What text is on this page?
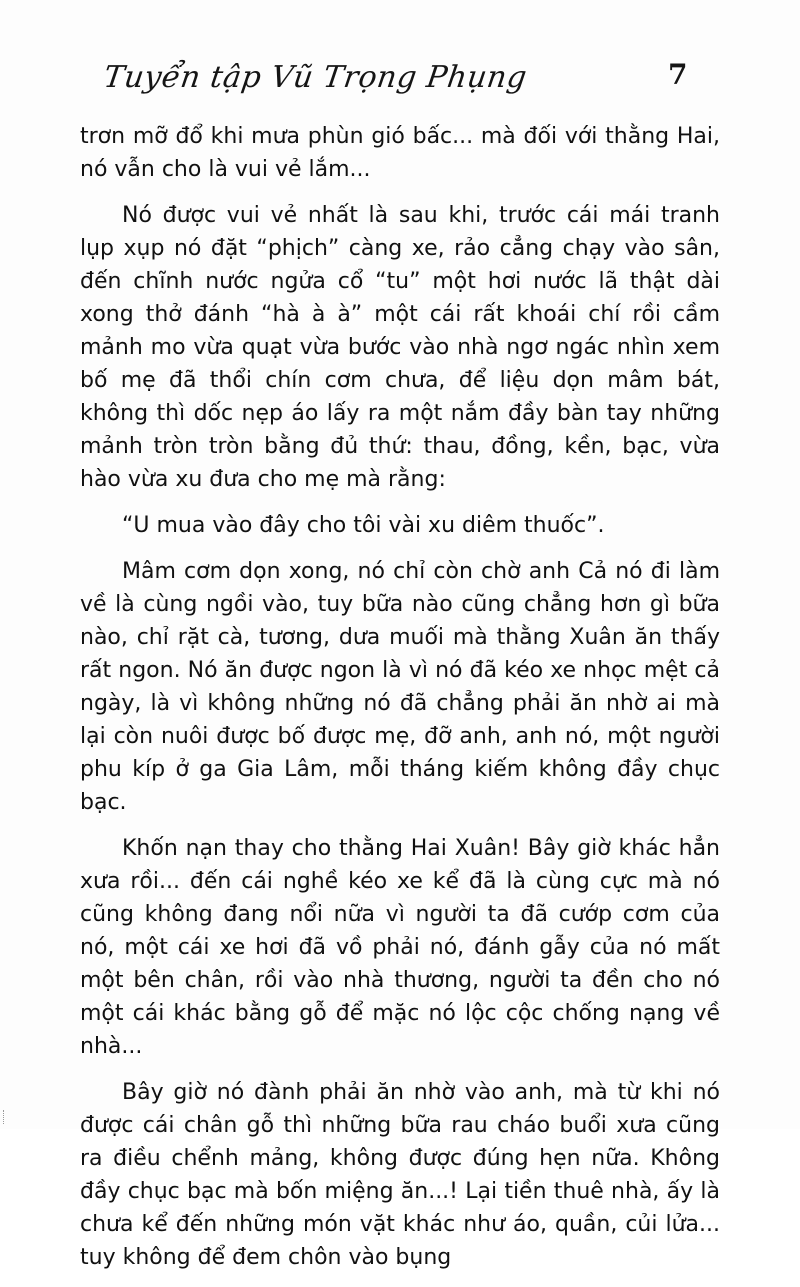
Tuyển tập Vũ Trọng Phụng	7

trơn mỡ đổ khi mưa phùn gió bấc... mà đối với thằng Hai, nó vẫn cho là vui vẻ lắm...

Nó được vui vẻ nhất là sau khi, trước cái mái tranh lụp xụp nó đặt “phịch” càng xe, rảo cẳng chạy vào sân, đến chĩnh nước ngửa cổ “tu” một hơi nước lã thật dài xong thở đánh “hà à à” một cái rất khoái chí rồi cầm mảnh mo vừa quạt vừa bước vào nhà ngơ ngác nhìn xem bố mẹ đã thổi chín cơm chưa, để liệu dọn mâm bát, không thì dốc nẹp áo lấy ra một nắm đầy bàn tay những mảnh tròn tròn bằng đủ thứ: thau, đồng, kền, bạc, vừa hào vừa xu đưa cho mẹ mà rằng:

“U mua vào đây cho tôi vài xu diêm thuốc”.

Mâm cơm dọn xong, nó chỉ còn chờ anh Cả nó đi làm về là cùng ngồi vào, tuy bữa nào cũng chẳng hơn gì bữa nào, chỉ rặt cà, tương, dưa muối mà thằng Xuân ăn thấy rất ngon. Nó ăn được ngon là vì nó đã kéo xe nhọc mệt cả ngày, là vì không những nó đã chẳng phải ăn nhờ ai mà lại còn nuôi được bố được mẹ, đỡ anh, anh nó, một người phu kíp ở ga Gia Lâm, mỗi tháng kiếm không đầy chục bạc.

Khốn nạn thay cho thằng Hai Xuân! Bây giờ khác hẳn xưa rồi... đến cái nghề kéo xe kể đã là cùng cực mà nó cũng không đang nổi nữa vì người ta đã cướp cơm của nó, một cái xe hơi đã vồ phải nó, đánh gẫy của nó mất một bên chân, rồi vào nhà thương, người ta đền cho nó một cái khác bằng gỗ để mặc nó lộc cộc chống nạng về nhà...

Bây giờ nó đành phải ăn nhờ vào anh, mà từ khi nó được cái chân gỗ thì những bữa rau cháo buổi xưa cũng ra điều chểnh mảng, không được đúng hẹn nữa. Không đầy chục bạc mà bốn miệng ăn...! Lại tiền thuê nhà, ấy là chưa kể đến những món vặt khác như áo, quần, củi lửa... tuy không để đem chôn vào bụng
